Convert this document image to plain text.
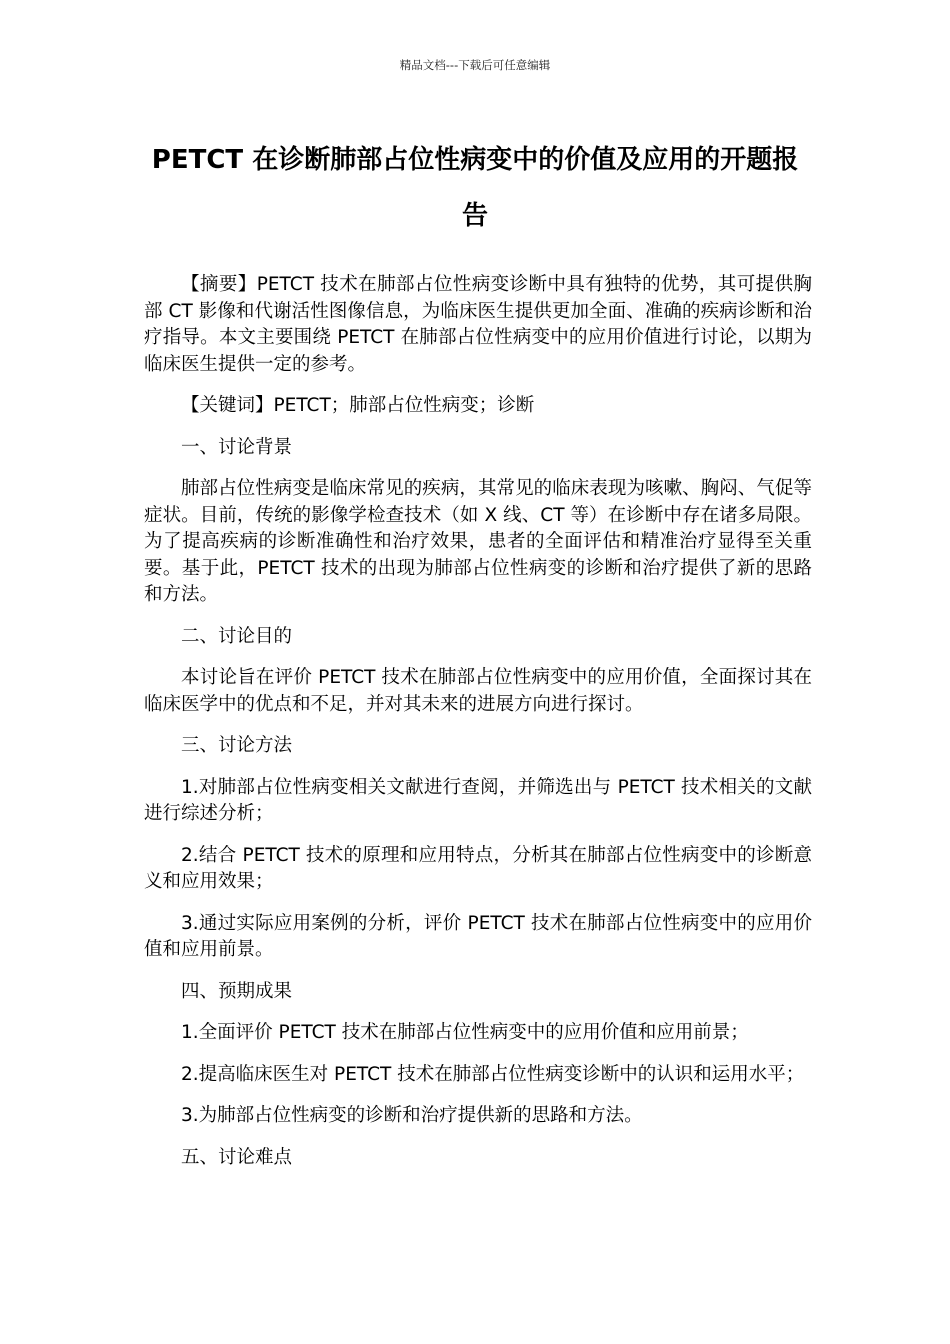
精品文档---下载后可任意编辑
PETCT 在诊断肺部占位性病变中的价值及应用的开题报告

【摘要】PETCT 技术在肺部占位性病变诊断中具有独特的优势，其可提供胸部 CT 影像和代谢活性图像信息，为临床医生提供更加全面、准确的疾病诊断和治疗指导。本文主要围绕 PETCT 在肺部占位性病变中的应用价值进行讨论，以期为临床医生提供一定的参考。

【关键词】PETCT；肺部占位性病变；诊断

一、讨论背景

肺部占位性病变是临床常见的疾病，其常见的临床表现为咳嗽、胸闷、气促等症状。目前，传统的影像学检查技术（如 X 线、CT 等）在诊断中存在诸多局限。为了提高疾病的诊断准确性和治疗效果，患者的全面评估和精准治疗显得至关重要。基于此，PETCT 技术的出现为肺部占位性病变的诊断和治疗提供了新的思路和方法。

二、讨论目的

本讨论旨在评价 PETCT 技术在肺部占位性病变中的应用价值，全面探讨其在临床医学中的优点和不足，并对其未来的进展方向进行探讨。

三、讨论方法

1.对肺部占位性病变相关文献进行查阅，并筛选出与 PETCT 技术相关的文献进行综述分析；

2.结合 PETCT 技术的原理和应用特点，分析其在肺部占位性病变中的诊断意义和应用效果；

3.通过实际应用案例的分析，评价 PETCT 技术在肺部占位性病变中的应用价值和应用前景。

四、预期成果

1.全面评价 PETCT 技术在肺部占位性病变中的应用价值和应用前景；

2.提高临床医生对 PETCT 技术在肺部占位性病变诊断中的认识和运用水平；

3.为肺部占位性病变的诊断和治疗提供新的思路和方法。

五、讨论难点
